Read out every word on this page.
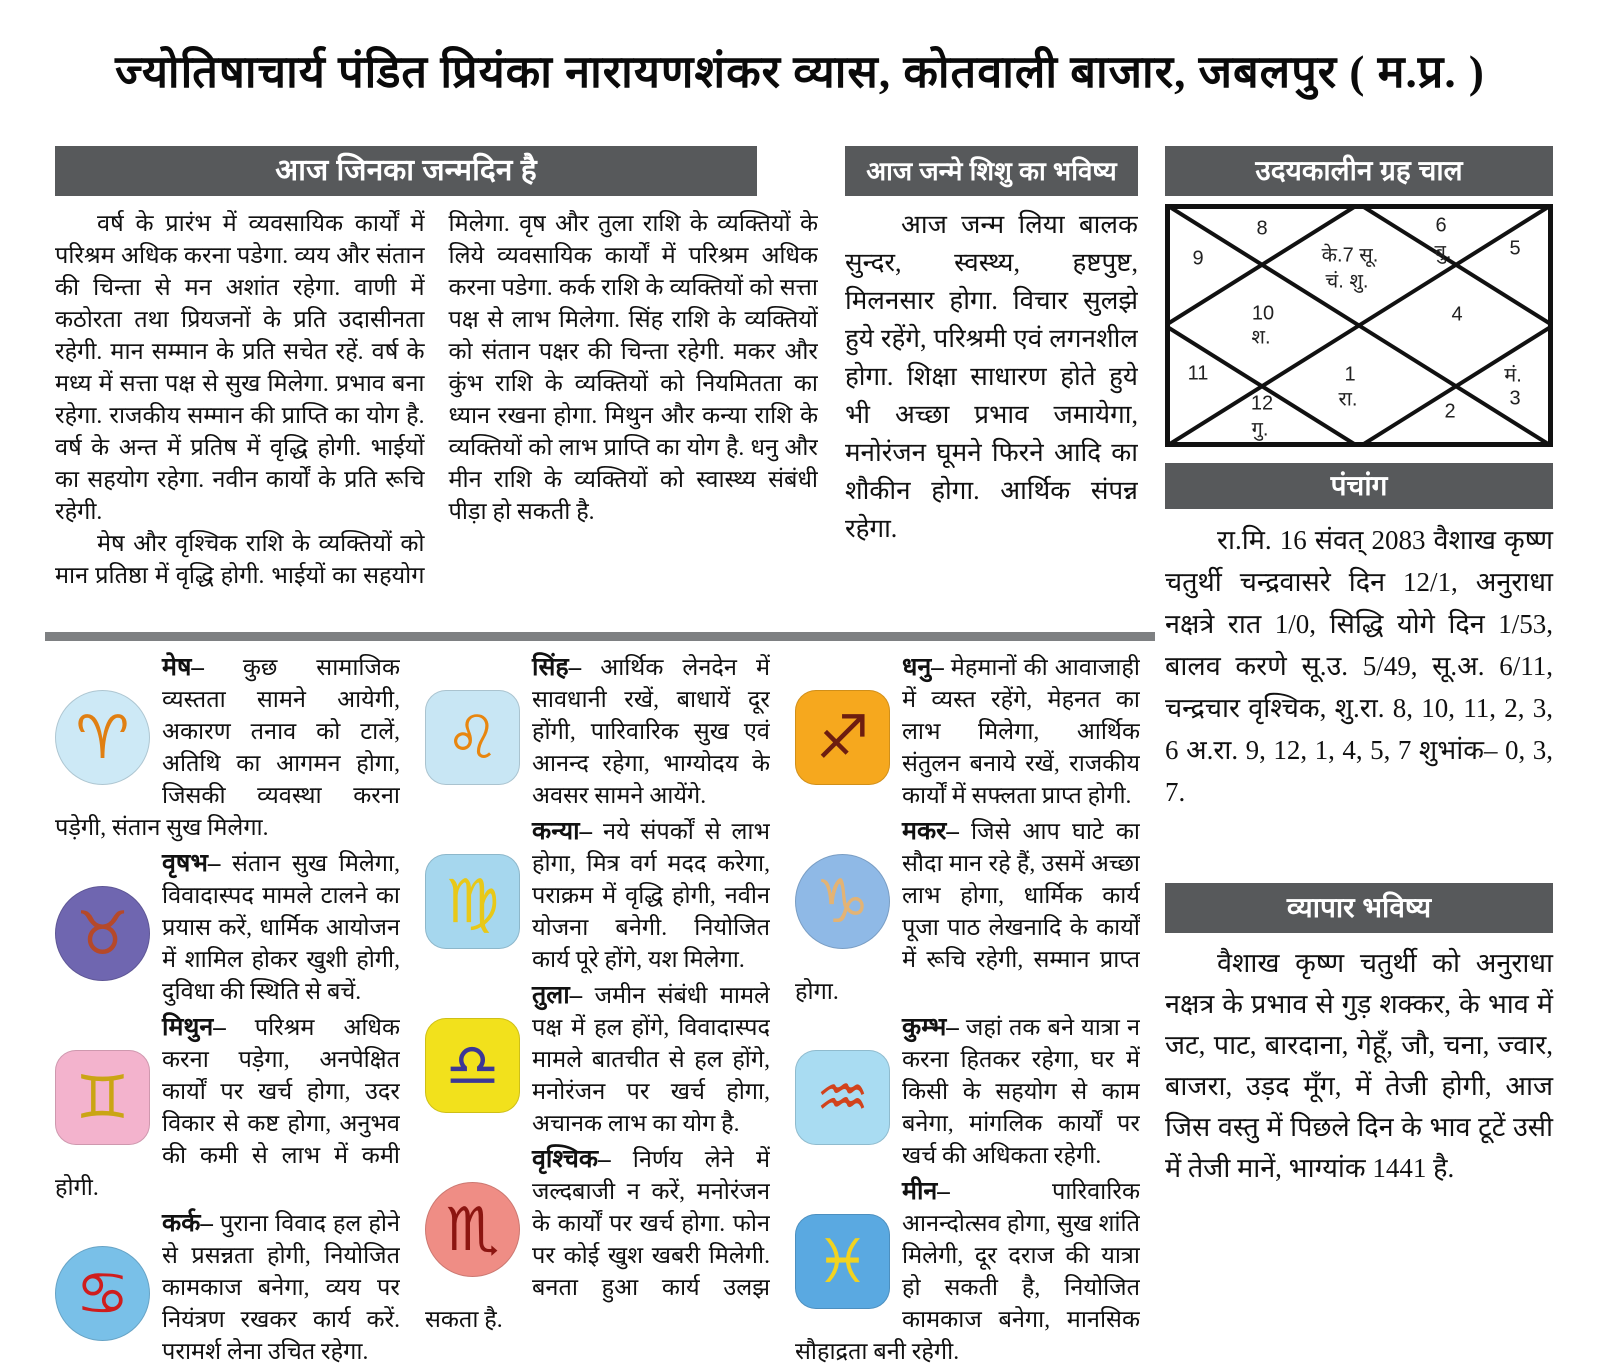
ज्योतिषाचार्य पंडित प्रियंका नारायणशंकर व्यास, कोतवाली बाजार, जबलपुर ( म.प्र. )
आज जिनका जन्मदिन है

वर्ष के प्रारंभ में व्यवसायिक कार्यों में परिश्रम अधिक करना पडेगा. व्यय और संतान की चिन्ता से मन अशांत रहेगा. वाणी में कठोरता तथा प्रियजनों के प्रति उदासीनता रहेगी. मान सम्मान के प्रति सचेत रहें. वर्ष के मध्य में सत्ता पक्ष से सुख मिलेगा. प्रभाव बना रहेगा. राजकीय सम्मान की प्राप्ति का योग है. वर्ष के अन्त में प्रतिष में वृद्धि होगी. भाईयों का सहयोग रहेगा. नवीन कार्यों के प्रति रूचि रहेगी.

मेष और वृश्चिक राशि के व्यक्तियों को मान प्रतिष्ठा में वृद्धि होगी. भाईयों का सहयोग मिलेगा. वृष और तुला राशि के व्यक्तियों के लिये व्यवसायिक कार्यों में परिश्रम अधिक करना पडेगा. कर्क राशि के व्यक्तियों को सत्ता पक्ष से लाभ मिलेगा. सिंह राशि के व्यक्तियों को संतान पक्षर की चिन्ता रहेगी. मकर और कुंभ राशि के व्यक्तियों को नियमितता का ध्यान रखना होगा. मिथुन और कन्या राशि के व्यक्तियों को लाभ प्राप्ति का योग है. धनु और मीन राशि के व्यक्तियों को स्वास्थ्य संबंधी पीड़ा हो सकती है.

आज जन्मे शिशु का भविष्य

आज जन्म लिया बालक सुन्दर, स्वस्थ्य, हष्टपुष्ट, मिलनसार होगा. विचार सुलझे हुये रहेंगे, परिश्रमी एवं लगनशील होगा. शिक्षा साधारण होते हुये भी अच्छा प्रभाव जमायेगा, मनोरंजन घूमने फिरने आदि का शौकीन होगा. आर्थिक संपन्न रहेगा.

उदयकालीन ग्रह चाल
8
9	के.7 सू.
चं. शु.
6
बु.	5
10
श.
4
11
12
गु.
1
रा.
2
मं.
3
पंचांग

रा.मि. 16 संवत् 2083 वैशाख कृष्ण चतुर्थी चन्द्रवासरे दिन 12/1, अनुराधा नक्षत्रे रात 1/0, सिद्धि योगे दिन 1/53, बालव करणे सू.उ. 5/49, सू.अ. 6/11, चन्द्रचार वृश्चिक, शु.रा. 8, 10, 11, 2, 3, 6 अ.रा. 9, 12, 1, 4, 5, 7 शुभांक– 0, 3, 7.

व्यापार भविष्य

वैशाख कृष्ण चतुर्थी को अनुराधा नक्षत्र के प्रभाव से गुड़ शक्कर, के भाव में जट, पाट, बारदाना, गेहूँ, जौ, चना, ज्वार, बाजरा, उड़द मूँग, में तेजी होगी, आज जिस वस्तु में पिछले दिन के भाव टूटें उसी में तेजी मानें, भाग्यांक 1441 है.

♈
मेष– कुछ सामाजिक व्यस्तता सामने आयेगी, अकारण तनाव को टालें, अतिथि का आगमन होगा, जिसकी व्यवस्था करना पड़ेगी, संतान सुख मिलेगा.
♉
वृषभ– संतान सुख मिलेगा, विवादास्पद मामले टालने का प्रयास करें, धार्मिक आयोजन में शामिल होकर खुशी होगी, दुविधा की स्थिति से बचें.
♊
मिथुन– परिश्रम अधिक करना पड़ेगा, अनपेक्षित कार्यों पर खर्च होगा, उदर विकार से कष्ट होगा, अनुभव की कमी से लाभ में कमी होगी.
♋
कर्क– पुराना विवाद हल होने से प्रसन्नता होगी, नियोजित कामकाज बनेगा, व्यय पर नियंत्रण रखकर कार्य करें. परामर्श लेना उचित रहेगा.
♌
सिंह– आर्थिक लेनदेन में सावधानी रखें, बाधायें दूर होंगी, पारिवारिक सुख एवं आनन्द रहेगा, भाग्योदय के अवसर सामने आयेंगे.
♍
कन्या– नये संपर्कों से लाभ होगा, मित्र वर्ग मदद करेगा, पराक्रम में वृद्धि होगी, नवीन योजना बनेगी. नियोजित कार्य पूरे होंगे, यश मिलेगा.
♎
तुला– जमीन संबंधी मामले पक्ष में हल होंगे, विवादास्पद मामले बातचीत से हल होंगे, मनोरंजन पर खर्च होगा, अचानक लाभ का योग है.
♏
वृश्चिक– निर्णय लेने में जल्दबाजी न करें, मनोरंजन के कार्यों पर खर्च होगा. फोन पर कोई खुश खबरी मिलेगी. बनता हुआ कार्य उलझ सकता है.
♐
धनु– मेहमानों की आवाजाही में व्यस्त रहेंगे, मेहनत का लाभ मिलेगा, आर्थिक संतुलन बनाये रखें, राजकीय कार्यों में सफ्लता प्राप्त होगी.
♑
मकर– जिसे आप घाटे का सौदा मान रहे हैं, उसमें अच्छा लाभ होगा, धार्मिक कार्य पूजा पाठ लेखनादि के कार्यों में रूचि रहेगी, सम्मान प्राप्त होगा.
♒
कुम्भ– जहां तक बने यात्रा न करना हितकर रहेगा, घर में किसी के सहयोग से काम बनेगा, मांगलिक कार्यों पर खर्च की अधिकता रहेगी.
♓
मीन–	पारिवारिक आनन्दोत्सव होगा, सुख शांति मिलेगी, दूर दराज की यात्रा हो सकती है, नियोजित कामकाज बनेगा, मानसिक सौहाद्रता बनी रहेगी.
